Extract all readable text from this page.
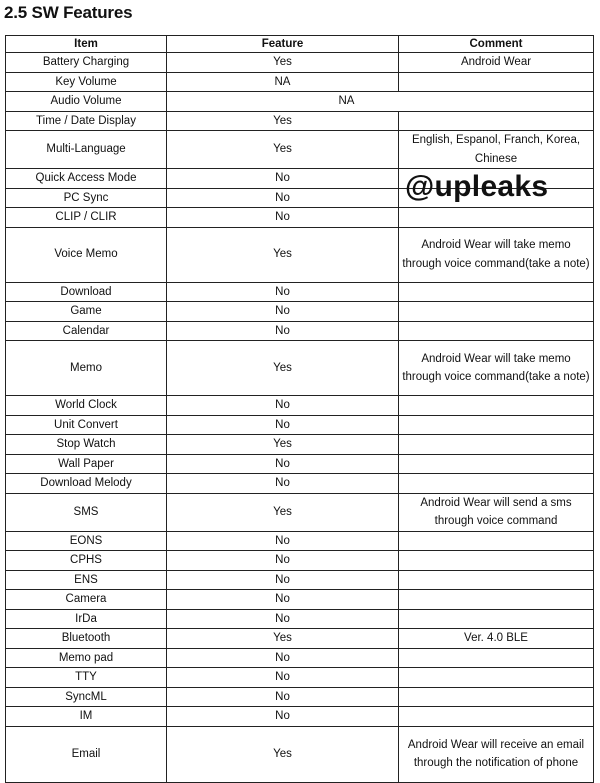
2.5 SW Features
Item	Feature	Comment
Battery Charging	Yes	Android Wear
Key Volume	NA	
Audio Volume	NA	
Time / Date Display	Yes	
Multi-Language	Yes	English, Espanol, Franch, Korea, Chinese
Quick Access Mode	No	
PC Sync	No	
CLIP / CLIR	No	
Voice Memo	Yes	Android Wear will take memo through voice command(take a note)
Download	No	
Game	No	
Calendar	No	
Memo	Yes	Android Wear will take memo through voice command(take a note)
World Clock	No	
Unit Convert	No	
Stop Watch	Yes	
Wall Paper	No	
Download Melody	No	
SMS	Yes	Android Wear will send a sms through voice command
EONS	No	
CPHS	No	
ENS	No	
Camera	No	
IrDa	No	
Bluetooth	Yes	Ver. 4.0 BLE
Memo pad	No	
TTY	No	
SyncML	No	
IM	No	
Email	Yes	Android Wear will receive an email through the notification of phone
@upleaks
